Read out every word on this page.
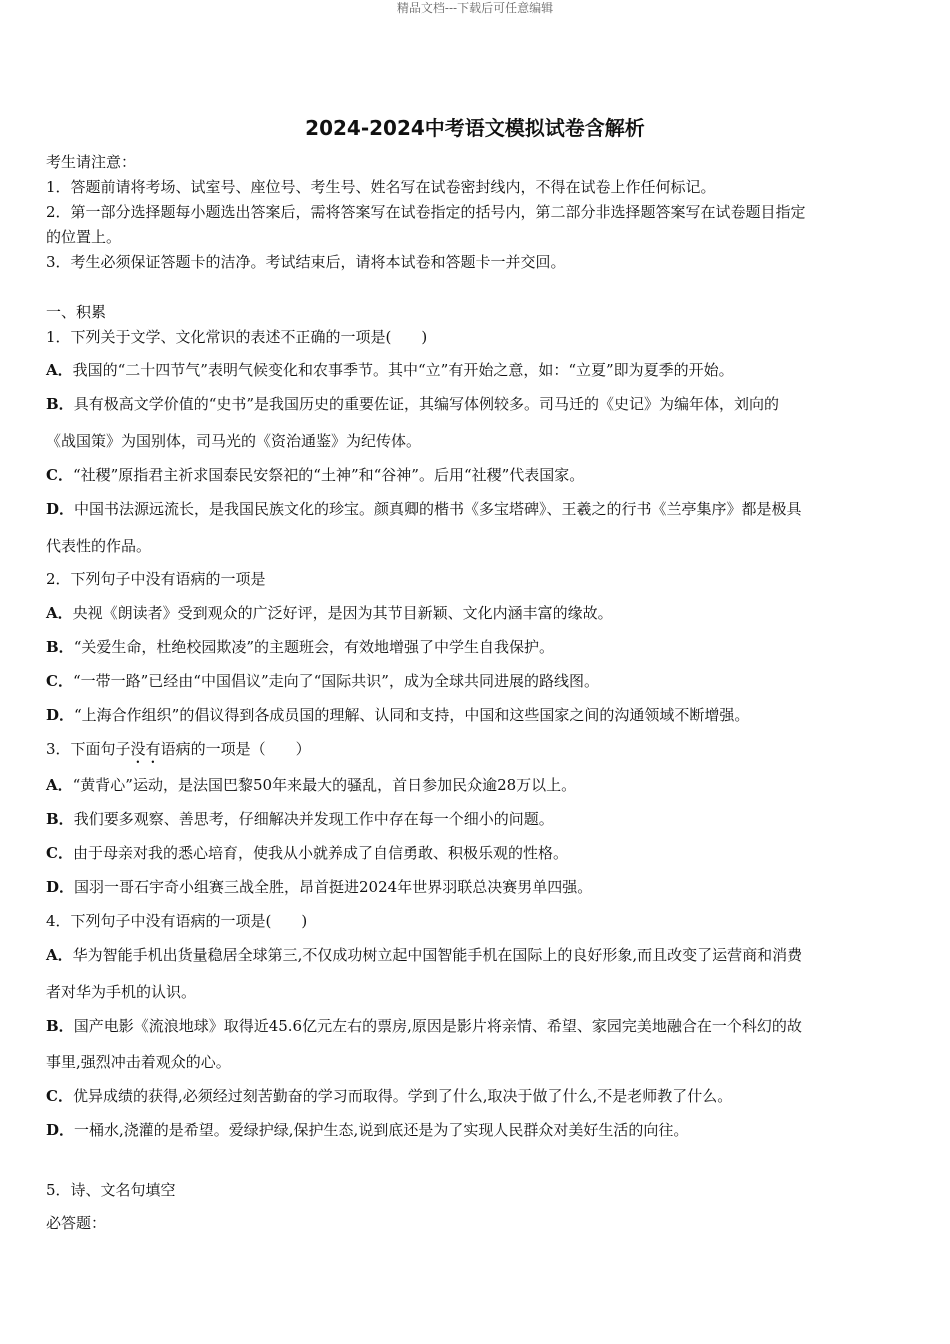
精品文档---下载后可任意编辑
2024-2024中考语文模拟试卷含解析
考生请注意：
1．答题前请将考场、试室号、座位号、考生号、姓名写在试卷密封线内，不得在试卷上作任何标记。
2．第一部分选择题每小题选出答案后，需将答案写在试卷指定的括号内，第二部分非选择题答案写在试卷题目指定
的位置上。
3．考生必须保证答题卡的洁净。考试结束后，请将本试卷和答题卡一并交回。
一、积累
1．下列关于文学、文化常识的表述不正确的一项是(　　)
A．我国的“二十四节气”表明气候变化和农事季节。其中“立”有开始之意，如：“立夏”即为夏季的开始。
B．具有极高文学价值的“史书”是我国历史的重要佐证，其编写体例较多。司马迁的《史记》为编年体，刘向的
《战国策》为国别体，司马光的《资治通鉴》为纪传体。
C．“社稷”原指君主祈求国泰民安祭祀的“土神”和“谷神”。后用“社稷”代表国家。
D．中国书法源远流长，是我国民族文化的珍宝。颜真卿的楷书《多宝塔碑》、王羲之的行书《兰亭集序》都是极具
代表性的作品。
2．下列句子中没有语病的一项是
A．央视《朗读者》受到观众的广泛好评，是因为其节目新颖、文化内涵丰富的缘故。
B．“关爱生命，杜绝校园欺凌”的主题班会，有效地增强了中学生自我保护。
C．“一带一路”已经由“中国倡议”走向了“国际共识”，成为全球共同进展的路线图。
D．“上海合作组织”的倡议得到各成员国的理解、认同和支持，中国和这些国家之间的沟通领域不断增强。
3．下面句子没有语病的一项是（　　）
A．“黄背心”运动，是法国巴黎50年来最大的骚乱，首日参加民众逾28万以上。
B．我们要多观察、善思考，仔细解决并发现工作中存在每一个细小的问题。
C．由于母亲对我的悉心培育，使我从小就养成了自信勇敢、积极乐观的性格。
D．国羽一哥石宇奇小组赛三战全胜，昂首挺进2024年世界羽联总决赛男单四强。
4．下列句子中没有语病的一项是(　　)
A．华为智能手机出货量稳居全球第三,不仅成功树立起中国智能手机在国际上的良好形象,而且改变了运营商和消费
者对华为手机的认识。
B．国产电影《流浪地球》取得近45.6亿元左右的票房,原因是影片将亲情、希望、家园完美地融合在一个科幻的故
事里,强烈冲击着观众的心。
C．优异成绩的获得,必须经过刻苦勤奋的学习而取得。学到了什么,取决于做了什么,不是老师教了什么。
D．一桶水,浇灌的是希望。爱绿护绿,保护生态,说到底还是为了实现人民群众对美好生活的向往。
5．诗、文名句填空
必答题：
